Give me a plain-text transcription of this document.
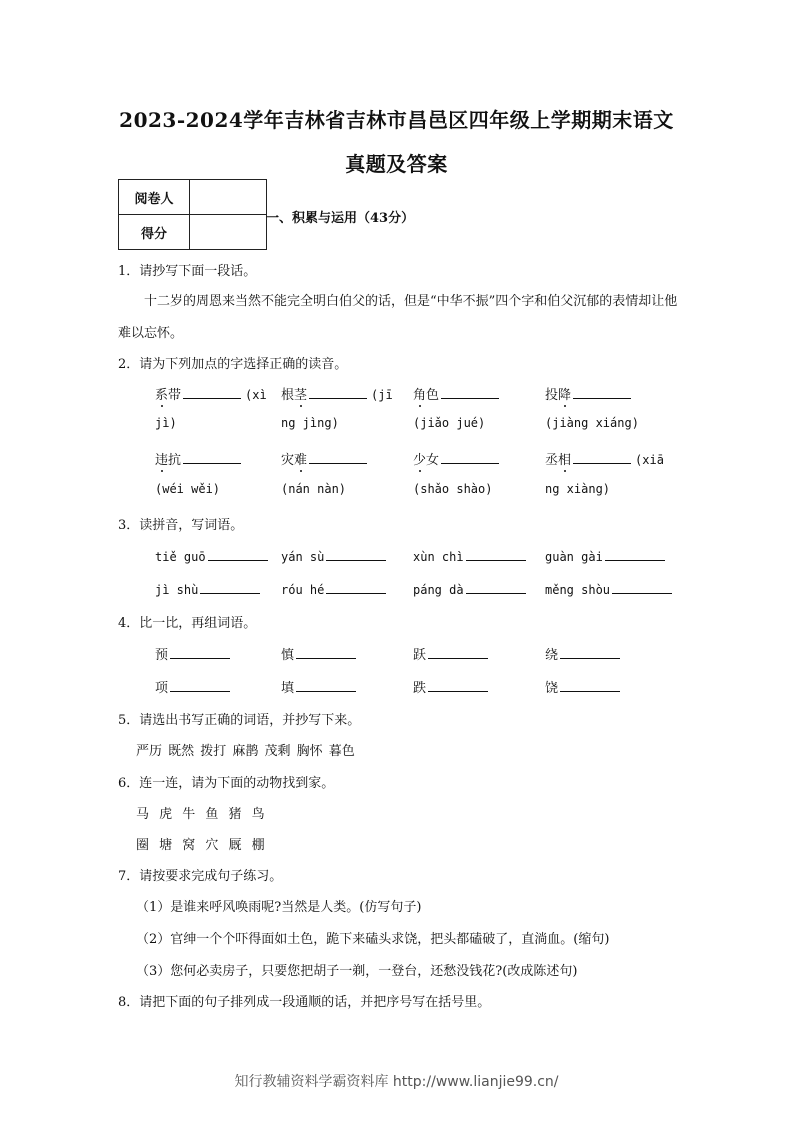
2023-2024学年吉林省吉林市昌邑区四年级上学期期末语文
真题及答案
阅卷人	
得分	
一、积累与运用（43分）
1．请抄写下面一段话。
十二岁的周恩来当然不能完全明白伯父的话，但是“中华不振”四个字和伯父沉郁的表情却让他难以忘怀。
2．请为下列加点的字选择正确的读音。
3．读拼音，写词语。
4．比一比，再组词语。
5．请选出书写正确的词语，并抄写下来。
严历 既然 拨打 麻鹊 茂剩 胸怀 暮色
6．连一连，请为下面的动物找到家。
马 虎 牛 鱼 猪 鸟
圈 塘 窝 穴 厩 棚
7．请按要求完成句子练习。
（1）是谁来呼风唤雨呢?当然是人类。(仿写句子)
（2）官绅一个个吓得面如土色，跪下来磕头求饶，把头都磕破了，直淌血。(缩句)
（3）您何必卖房子，只要您把胡子一剃，一登台，还愁没钱花?(改成陈述句)
8．请把下面的句子排列成一段通顺的话，并把序号写在括号里。
知行教辅资料学霸资料库 http://www.lianjie99.cn/
系带	(xì 根茎	(jī 角色	投降
jì)	ng jìng)	(jiǎo jué)	(jiàng xiáng)
违抗	灾难	少女	丞相	(xiā
(wéi wěi)	(nán nàn)	(shǎo shào)	ng xiàng)
tiě guō	yán sù	xùn chì	guàn gài
jì shù	róu hé	páng dà	měng shòu
预	慎	跃	绕
项	填	跌	饶
